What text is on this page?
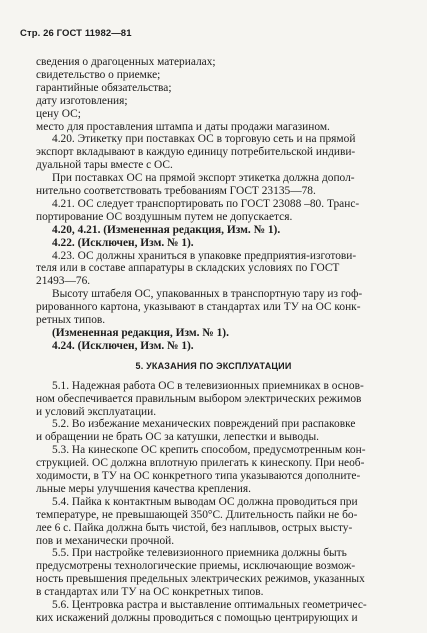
Стр. 26 ГОСТ 11982—81
сведения о драгоценных материалах;
свидетельство о приемке;
гарантийные обязательства;
дату изготовления;
цену ОС;
место для проставления штампа и даты продажи магазином.
4.20. Этикетку при поставках ОС в торговую сеть и на прямой
экспорт вкладывают в каждую единицу потребительской индиви-
дуальной тары вместе с ОС.
При поставках ОС на прямой экспорт этикетка должна допол-
нительно соответствовать требованиям ГОСТ 23135—78.
4.21. ОС следует транспортировать по ГОСТ 23088 –80. Транс-
портирование ОС воздушным путем не допускается.
4.20, 4.21. (Измененная редакция, Изм. № 1).
4.22. (Исключен, Изм. № 1).
4.23. ОС должны храниться в упаковке предприятия-изготови-
теля или в составе аппаратуры в складских условиях по ГОСТ
21493—76.
Высоту штабеля ОС, упакованных в транспортную тару из гоф-
рированного картона, указывают в стандартах или ТУ на ОС конк-
ретных типов.
(Измененная редакция, Изм. № 1).
4.24. (Исключен, Изм. № 1).
5. УКАЗАНИЯ ПО ЭКСПЛУАТАЦИИ
5.1. Надежная работа ОС в телевизионных приемниках в основ-
ном обеспечивается правильным выбором электрических режимов
и условий эксплуатации.
5.2. Во избежание механических повреждений при распаковке
и обращении не брать ОС за катушки, лепестки и выводы.
5.3. На кинескопе ОС крепить способом, предусмотренным кон-
струкцией. ОС должна вплотную прилегать к кинескопу. При необ-
ходимости, в ТУ на ОС конкретного типа указываются дополните-
льные меры улучшения качества крепления.
5.4. Пайка к контактным выводам ОС должна проводиться при
температуре, не превышающей 350°С. Длительность пайки не бо-
лее 6 с. Пайка должна быть чистой, без наплывов, острых высту-
пов и механически прочной.
5.5. При настройке телевизионного приемника должны быть
предусмотрены технологические приемы, исключающие возмож-
ность превышения предельных электрических режимов, указанных
в стандартах или ТУ на ОС конкретных типов.
5.6. Центровка растра и выставление оптимальных геометричес-
ких искажений должны проводиться с помощью центрирующих и
